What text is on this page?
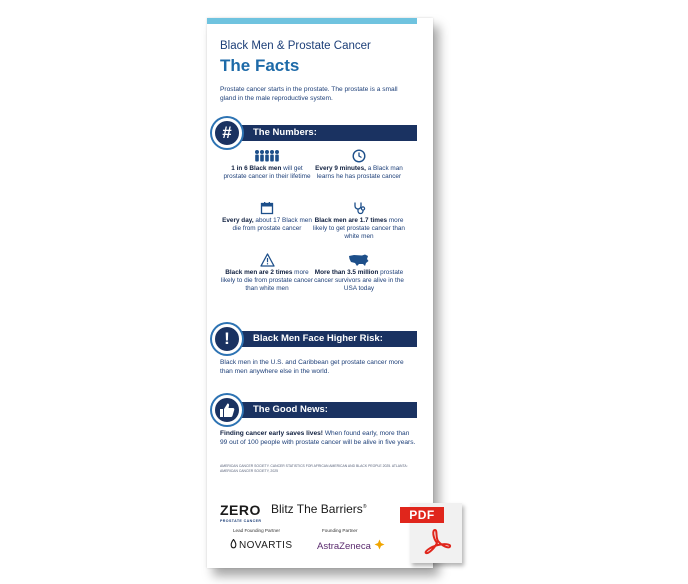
Black Men & Prostate Cancer
The Facts
Prostate cancer starts in the prostate. The prostate is a small gland in the male reproductive system.
The Numbers:
#
1 in 6 Black men will get prostate cancer in their lifetime
Every 9 minutes, a Black man learns he has prostate cancer
Every day, about 17 Black men die from prostate cancer
Black men are 1.7 times more likely to get prostate cancer than white men
Black men are 2 times more likely to die from prostate cancer than white men
More than 3.5 million prostate cancer survivors are alive in the USA today
Black Men Face Higher Risk:
!
Black men in the U.S. and Caribbean get prostate cancer more than men anywhere else in the world.
The Good News:
Finding cancer early saves lives! When found early, more than 99 out of 100 people with prostate cancer will be alive in five years.
AMERICAN CANCER SOCIETY. CANCER STATISTICS FOR AFRICAN AMERICAN AND BLACK PEOPLE 2025. ATLANTA: AMERICAN CANCER SOCIETY, 2025
ZERO
PROSTATE CANCER
Blitz The Barriers®
Lead Founding Partner	Founding Partner
NOVARTIS	AstraZeneca
PDF
